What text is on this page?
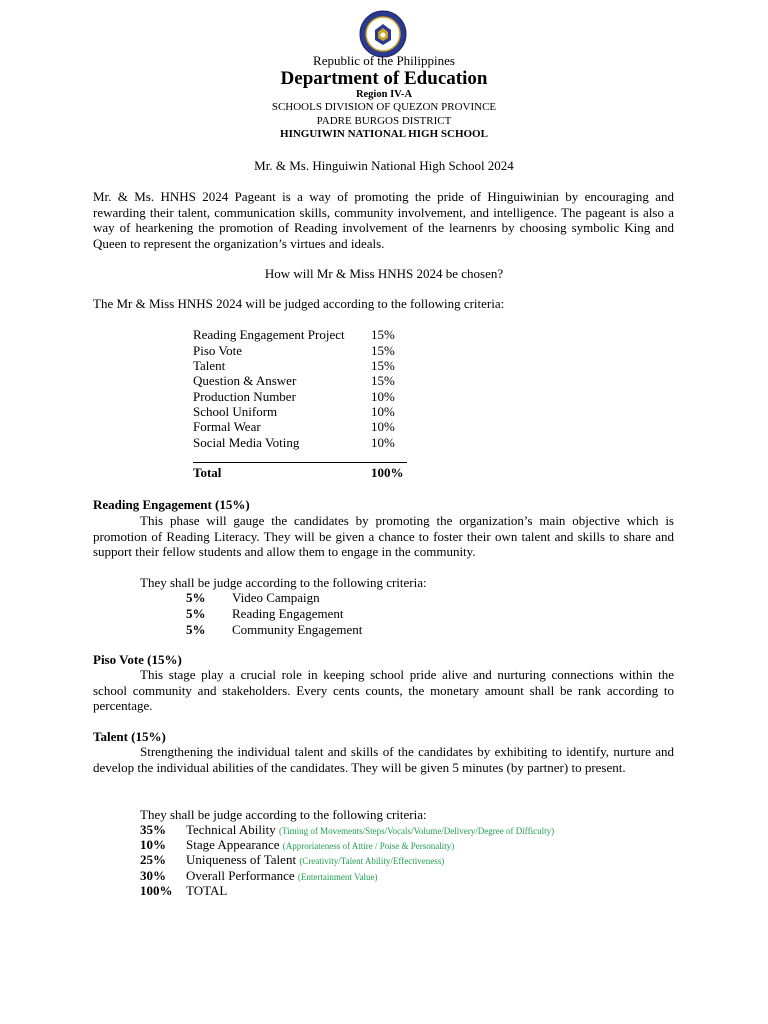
Republic of the Philippines
Department of Education
Region IV-A
SCHOOLS DIVISION OF QUEZON PROVINCE
PADRE BURGOS DISTRICT
HINGUIWIN NATIONAL HIGH SCHOOL
Mr. & Ms. Hinguiwin National High School 2024
Mr. & Ms. HNHS 2024 Pageant is a way of promoting the pride of Hinguiwinian by encouraging and rewarding their talent, communication skills, community involvement, and intelligence. The pageant is also a way of hearkening the promotion of Reading involvement of the learnenrs by choosing symbolic King and Queen to represent the organization’s virtues and ideals.
How will Mr & Miss HNHS 2024 be chosen?
The Mr & Miss HNHS 2024 will be judged according to the following criteria:
Reading Engagement Project 15%
Piso Vote	15%
Talent	15%
Question & Answer	15%
Production Number	10%
School Uniform	10%
Formal Wear	10%
Social Media Voting	10%
Total	100%
Reading Engagement (15%)
This phase will gauge the candidates by promoting the organization’s main objective which is promotion of Reading Literacy. They will be given a chance to foster their own talent and skills to share and support their fellow students and allow them to engage in the community.
They shall be judge according to the following criteria:
5% Video Campaign
5% Reading Engagement
5% Community Engagement
Piso Vote (15%)
This stage play a crucial role in keeping school pride alive and nurturing connections within the school community and stakeholders. Every cents counts, the monetary amount shall be rank according to percentage.
Talent (15%)
Strengthening the individual talent and skills of the candidates by exhibiting to identify, nurture and develop the individual abilities of the candidates. They will be given 5 minutes (by partner) to present.
They shall be judge according to the following criteria:
35% Technical Ability (Timing of Movements/Steps/Vocals/Volume/Delivery/Degree of Difficulty)
10% Stage Appearance (Approriateness of Attire / Poise & Personality)
25% Uniqueness of Talent (Creativity/Talent Ability/Effectiveness)
30% Overall Performance (Entertainment Value)
100% TOTAL
